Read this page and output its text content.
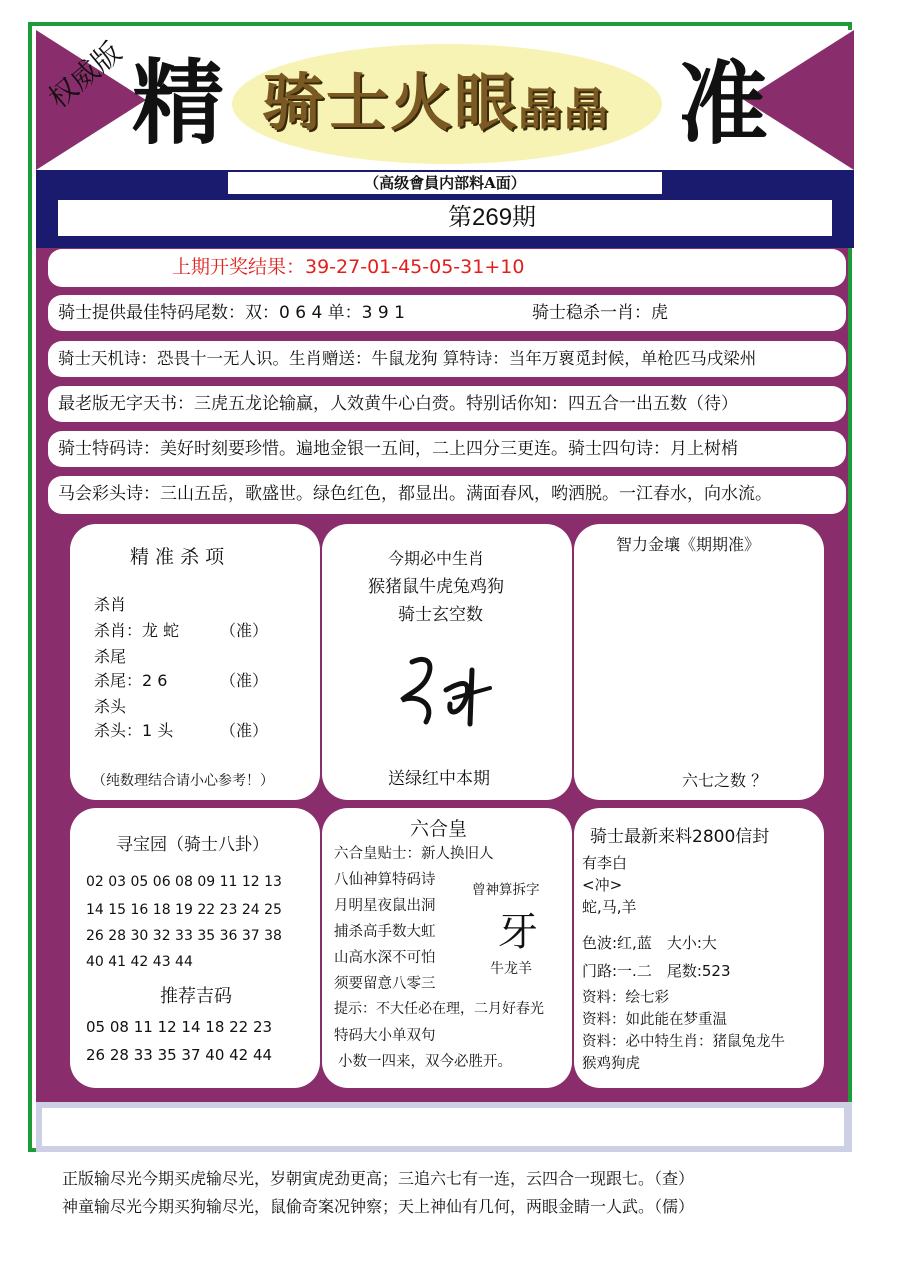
权威版 精 骑士火眼晶晶 准
（高级會員内部料A面）
第269期
上期开奖结果：39-27-01-45-05-31+10
骑士提供最佳特码尾数：双：0 6 4 单：3 9 1	骑士稳杀一肖：虎
骑士天机诗：恐畏十一无人识。生肖赠送：牛鼠龙狗 算特诗：当年万褱觅封候，单枪匹马戌梁州
最老版无字天书：三虎五龙论输赢，人效黄牛心白赍。特别话你知：四五合一出五数（待）
骑士特码诗：美好时刻要珍惜。遍地金银一五间，二上四分三更连。骑士四句诗：月上树梢
马会彩头诗：三山五岳，歌盛世。绿色红色，都显出。满面春风，哟洒脱。一江春水，向水流。
精 准 杀 项
杀肖
杀肖：龙 蛇	（准）
杀尾
杀尾：2 6	（准）
杀头
杀头：1 头	（准）
（纯数理结合请小心参考！）
今期必中生肖
猴猪鼠牛虎兔鸡狗
骑士玄空数
送绿红中本期
智力金壤《期期准》
六七之数 ？
寻宝园（骑士八卦）
02 03 05 06 08 09 11 12 13
14 15 16 18 19 22 23 24 25
26 28 30 32 33 35 36 37 38
40 41 42 43 44
推荐吉码
05 08 11 12 14 18 22 23
26 28 33 35 37 40 42 44
六合皇
六合皇贴士：新人换旧人
八仙神算特码诗
月明星夜鼠出洞
捕杀高手数大虹
山高水深不可怕
须要留意八零三
提示：不大任必在理，二月好春光
特码大小单双句
小数一四来，双今必胜开。
曾神算拆字
牙
牛龙羊
骑士最新来料2800信封
有李白
<冲>
蛇,马,羊
色波:红,蓝　大小:大
门路:一.二　尾数:523
资料：绘七彩
资料：如此能在梦重温
资料：必中特生肖：猪鼠兔龙牛
猴鸡狗虎
正版输尽光今期买虎输尽光，岁朝寅虎劲更高；三追六七有一连，云四合一现跟七。（查）
神童输尽光今期买狗输尽光，鼠偷奇案况钟察；天上神仙有几何，两眼金睛一人武。（儒）
